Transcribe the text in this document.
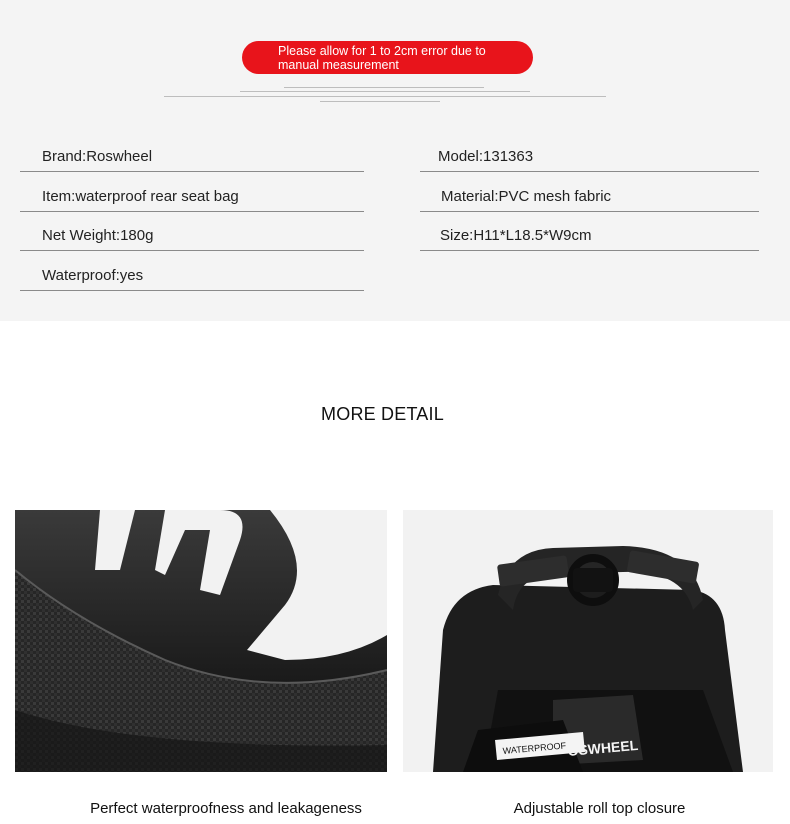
Please allow for 1 to 2cm error due to
manual measurement
Brand:Roswheel	Model:131363
Item:waterproof rear seat bag	Material:PVC mesh fabric
Net Weight:180g	Size:H11*L18.5*W9cm
Waterproof:yes
MORE DETAIL
WATERPROOF OSWHEEL
Perfect waterproofness and leakageness	Adjustable roll top closure
